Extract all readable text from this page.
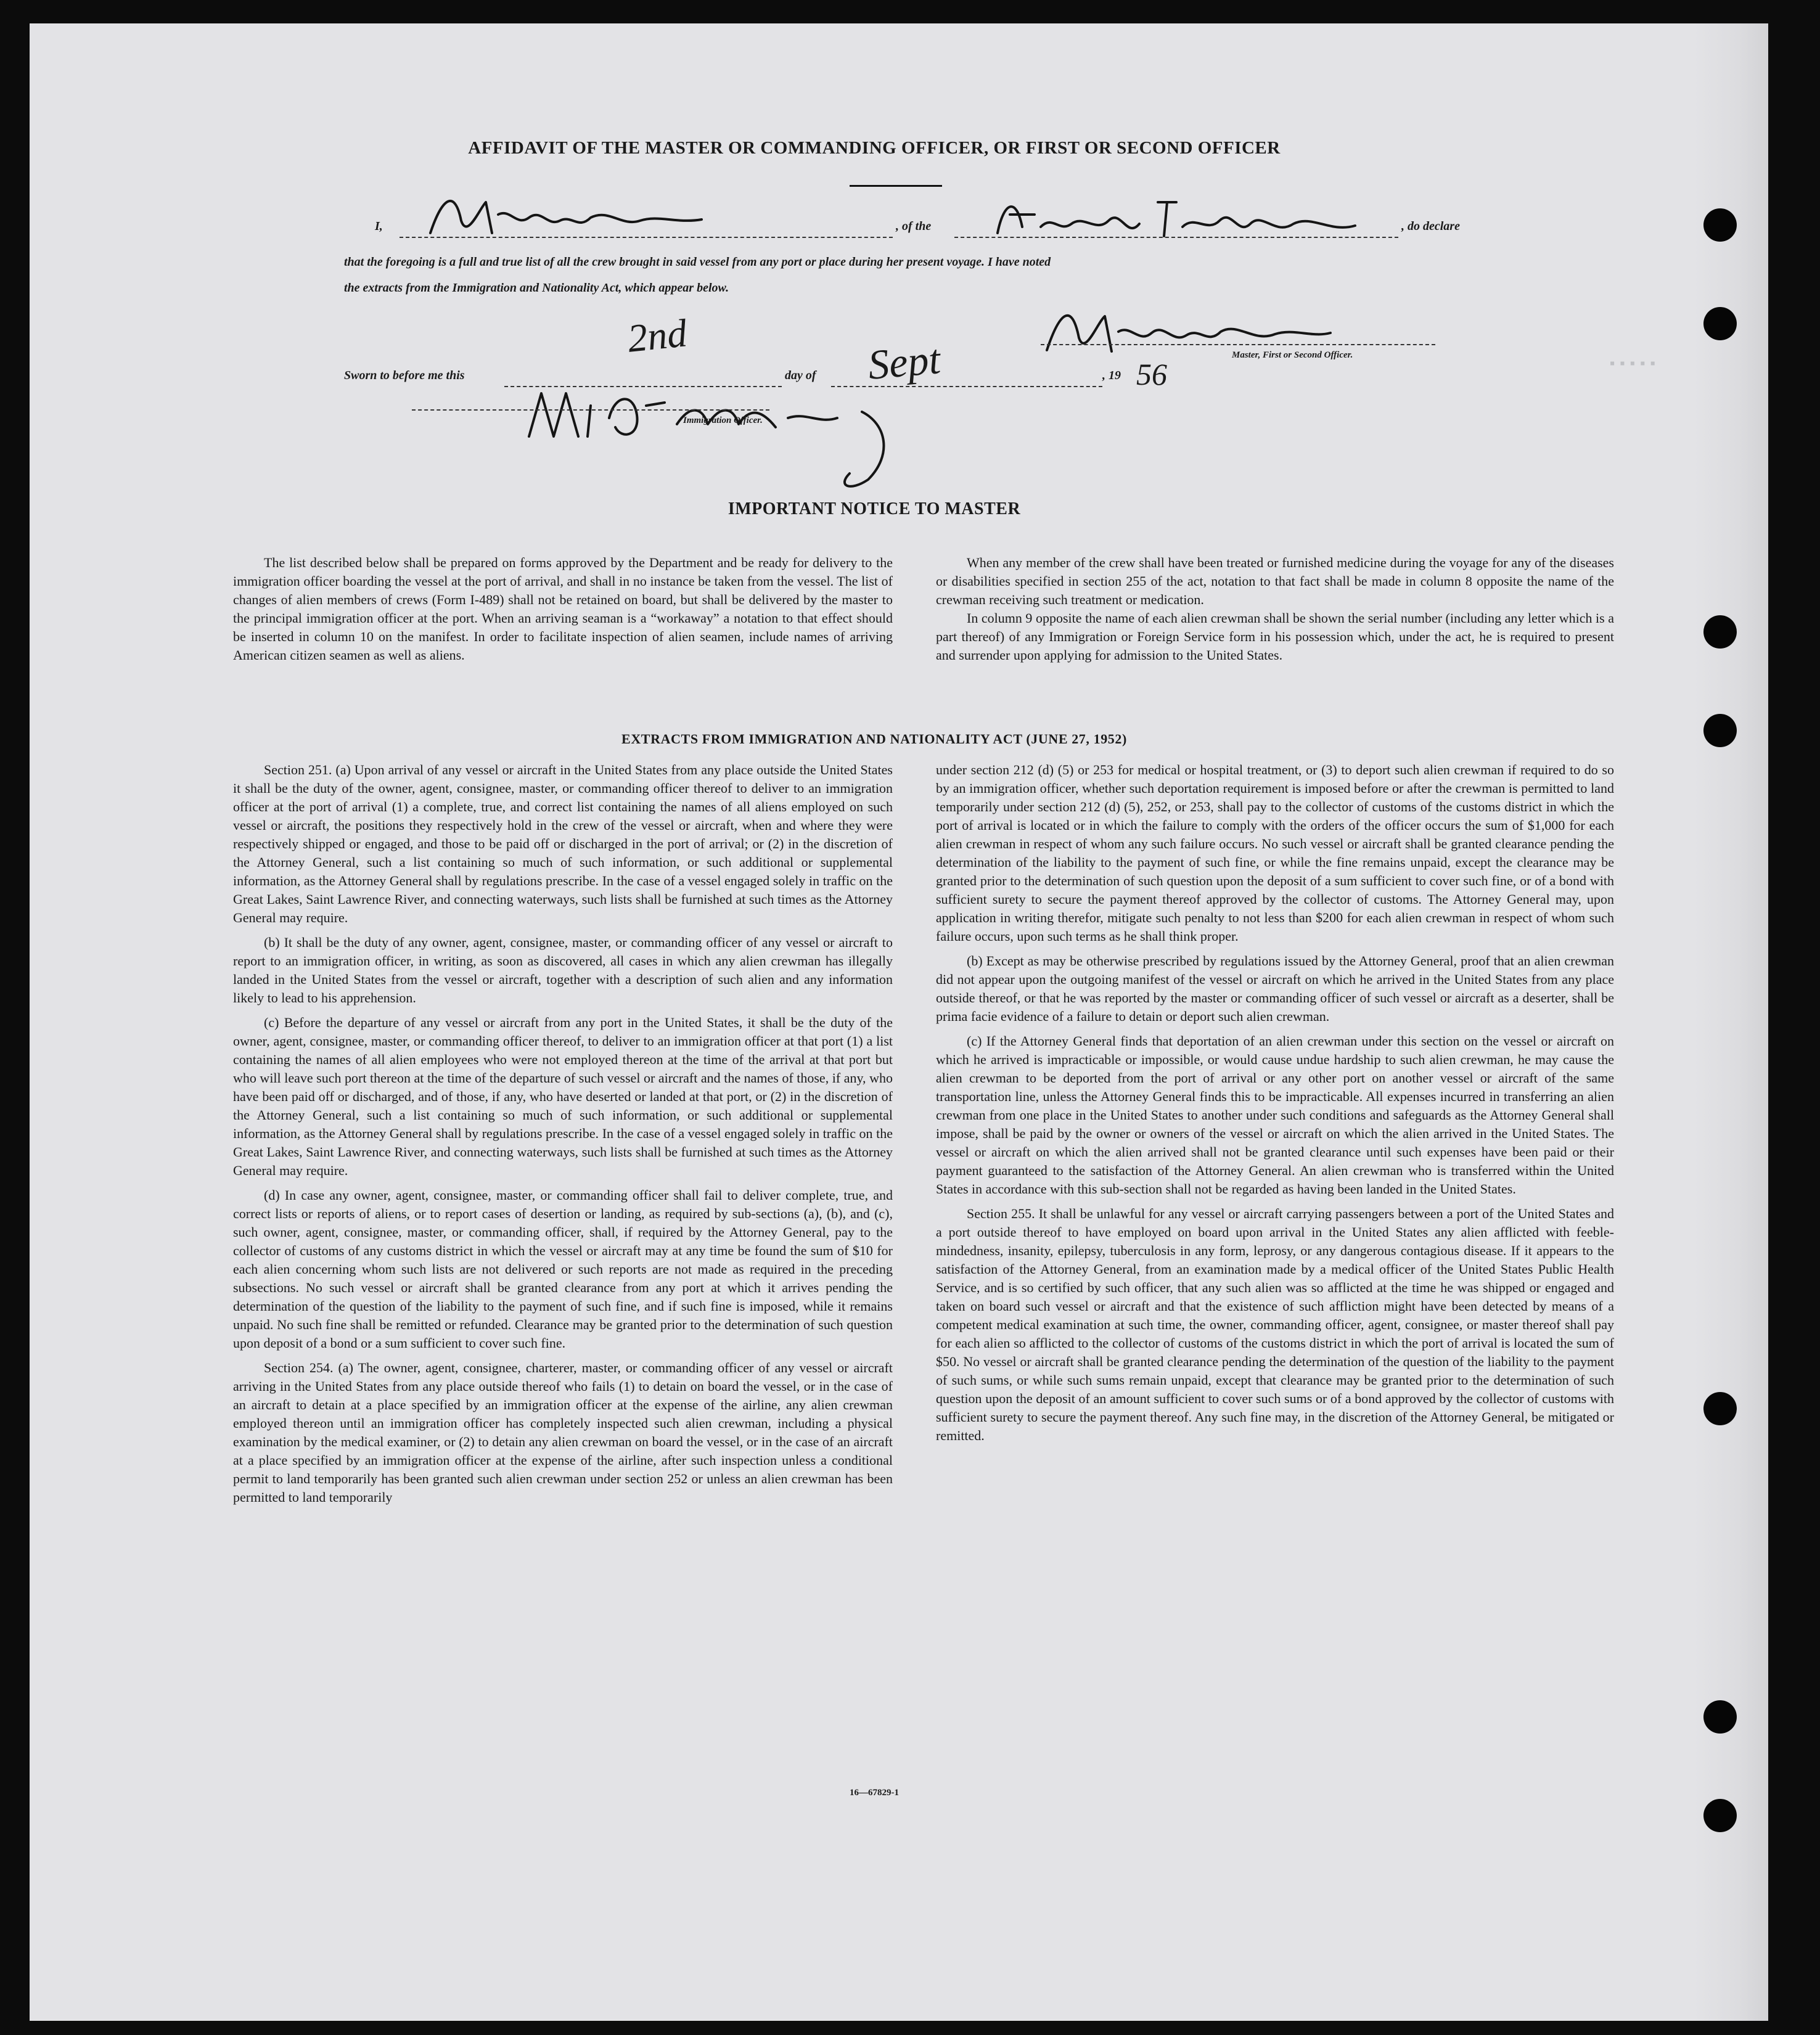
▪▪▪▪▪
AFFIDAVIT OF THE MASTER OR COMMANDING OFFICER, OR FIRST OR SECOND OFFICER
I,	, of the	, do declare
that the foregoing is a full and true list of all the crew brought in said vessel from any port or place during her present voyage. I have noted
the extracts from the Immigration and Nationality Act, which appear below.
Master, First or Second Officer.
Sworn to before me this
2nd
day of Sept	, 19 56
Immigration Officer.
IMPORTANT NOTICE TO MASTER

The list described below shall be prepared on forms approved by the Department and be ready for delivery to the immigration officer boarding the vessel at the port of arrival, and shall in no instance be taken from the vessel. The list of changes of alien members of crews (Form I-489) shall not be retained on board, but shall be delivered by the master to the principal immigration officer at the port. When an arriving seaman is a “workaway” a notation to that effect should be inserted in column 10 on the manifest. In order to facilitate inspection of alien seamen, include names of arriving American citizen seamen as well as aliens.

When any member of the crew shall have been treated or furnished medicine during the voyage for any of the diseases or disabilities specified in section 255 of the act, notation to that fact shall be made in column 8 opposite the name of the crewman receiving such treatment or medication.

In column 9 opposite the name of each alien crewman shall be shown the serial number (including any letter which is a part thereof) of any Immigration or Foreign Service form in his possession which, under the act, he is required to present and surrender upon applying for admission to the United States.

EXTRACTS FROM IMMIGRATION AND NATIONALITY ACT (JUNE 27, 1952)

Section 251. (a) Upon arrival of any vessel or aircraft in the United States from any place outside the United States it shall be the duty of the owner, agent, consignee, master, or commanding officer thereof to deliver to an immigration officer at the port of arrival (1) a complete, true, and correct list containing the names of all aliens employed on such vessel or aircraft, the positions they respectively hold in the crew of the vessel or aircraft, when and where they were respectively shipped or engaged, and those to be paid off or discharged in the port of arrival; or (2) in the discretion of the Attorney General, such a list containing so much of such information, or such additional or supplemental information, as the Attorney General shall by regulations prescribe. In the case of a vessel engaged solely in traffic on the Great Lakes, Saint Lawrence River, and connecting waterways, such lists shall be furnished at such times as the Attorney General may require.

(b) It shall be the duty of any owner, agent, consignee, master, or commanding officer of any vessel or aircraft to report to an immigration officer, in writing, as soon as discovered, all cases in which any alien crewman has illegally landed in the United States from the vessel or aircraft, together with a description of such alien and any information likely to lead to his apprehension.

(c) Before the departure of any vessel or aircraft from any port in the United States, it shall be the duty of the owner, agent, consignee, master, or commanding officer thereof, to deliver to an immigration officer at that port (1) a list containing the names of all alien employees who were not employed thereon at the time of the arrival at that port but who will leave such port thereon at the time of the departure of such vessel or aircraft and the names of those, if any, who have been paid off or discharged, and of those, if any, who have deserted or landed at that port, or (2) in the discretion of the Attorney General, such a list containing so much of such information, or such additional or supplemental information, as the Attorney General shall by regulations prescribe. In the case of a vessel engaged solely in traffic on the Great Lakes, Saint Lawrence River, and connecting waterways, such lists shall be furnished at such times as the Attorney General may require.

(d) In case any owner, agent, consignee, master, or commanding officer shall fail to deliver complete, true, and correct lists or reports of aliens, or to report cases of desertion or landing, as required by sub-sections (a), (b), and (c), such owner, agent, consignee, master, or commanding officer, shall, if required by the Attorney General, pay to the collector of customs of any customs district in which the vessel or aircraft may at any time be found the sum of $10 for each alien concerning whom such lists are not delivered or such reports are not made as required in the preceding subsections. No such vessel or aircraft shall be granted clearance from any port at which it arrives pending the determination of the question of the liability to the payment of such fine, and if such fine is imposed, while it remains unpaid. No such fine shall be remitted or refunded. Clearance may be granted prior to the determination of such question upon deposit of a bond or a sum sufficient to cover such fine.

Section 254. (a) The owner, agent, consignee, charterer, master, or commanding officer of any vessel or aircraft arriving in the United States from any place outside thereof who fails (1) to detain on board the vessel, or in the case of an aircraft to detain at a place specified by an immigration officer at the expense of the airline, any alien crewman employed thereon until an immigration officer has completely inspected such alien crewman, including a physical examination by the medical examiner, or (2) to detain any alien crewman on board the vessel, or in the case of an aircraft at a place specified by an immigration officer at the expense of the airline, after such inspection unless a conditional permit to land temporarily has been granted such alien crewman under section 252 or unless an alien crewman has been permitted to land temporarily

under section 212 (d) (5) or 253 for medical or hospital treatment, or (3) to deport such alien crewman if required to do so by an immigration officer, whether such deportation requirement is imposed before or after the crewman is permitted to land temporarily under section 212 (d) (5), 252, or 253, shall pay to the collector of customs of the customs district in which the port of arrival is located or in which the failure to comply with the orders of the officer occurs the sum of $1,000 for each alien crewman in respect of whom any such failure occurs. No such vessel or aircraft shall be granted clearance pending the determination of the liability to the payment of such fine, or while the fine remains unpaid, except the clearance may be granted prior to the determination of such question upon the deposit of a sum sufficient to cover such fine, or of a bond with sufficient surety to secure the payment thereof approved by the collector of customs. The Attorney General may, upon application in writing therefor, mitigate such penalty to not less than $200 for each alien crewman in respect of whom such failure occurs, upon such terms as he shall think proper.

(b) Except as may be otherwise prescribed by regulations issued by the Attorney General, proof that an alien crewman did not appear upon the outgoing manifest of the vessel or aircraft on which he arrived in the United States from any place outside thereof, or that he was reported by the master or commanding officer of such vessel or aircraft as a deserter, shall be prima facie evidence of a failure to detain or deport such alien crewman.

(c) If the Attorney General finds that deportation of an alien crewman under this section on the vessel or aircraft on which he arrived is impracticable or impossible, or would cause undue hardship to such alien crewman, he may cause the alien crewman to be deported from the port of arrival or any other port on another vessel or aircraft of the same transportation line, unless the Attorney General finds this to be impracticable. All expenses incurred in transferring an alien crewman from one place in the United States to another under such conditions and safeguards as the Attorney General shall impose, shall be paid by the owner or owners of the vessel or aircraft on which the alien arrived in the United States. The vessel or aircraft on which the alien arrived shall not be granted clearance until such expenses have been paid or their payment guaranteed to the satisfaction of the Attorney General. An alien crewman who is transferred within the United States in accordance with this sub-section shall not be regarded as having been landed in the United States.

Section 255. It shall be unlawful for any vessel or aircraft carrying passengers between a port of the United States and a port outside thereof to have employed on board upon arrival in the United States any alien afflicted with feeble-mindedness, insanity, epilepsy, tuberculosis in any form, leprosy, or any dangerous contagious disease. If it appears to the satisfaction of the Attorney General, from an examination made by a medical officer of the United States Public Health Service, and is so certified by such officer, that any such alien was so afflicted at the time he was shipped or engaged and taken on board such vessel or aircraft and that the existence of such affliction might have been detected by means of a competent medical examination at such time, the owner, commanding officer, agent, consignee, or master thereof shall pay for each alien so afflicted to the collector of customs of the customs district in which the port of arrival is located the sum of $50. No vessel or aircraft shall be granted clearance pending the determination of the question of the liability to the payment of such sums, or while such sums remain unpaid, except that clearance may be granted prior to the determination of such question upon the deposit of an amount sufficient to cover such sums or of a bond approved by the collector of customs with sufficient surety to secure the payment thereof. Any such fine may, in the discretion of the Attorney General, be mitigated or remitted.

16—67829-1
